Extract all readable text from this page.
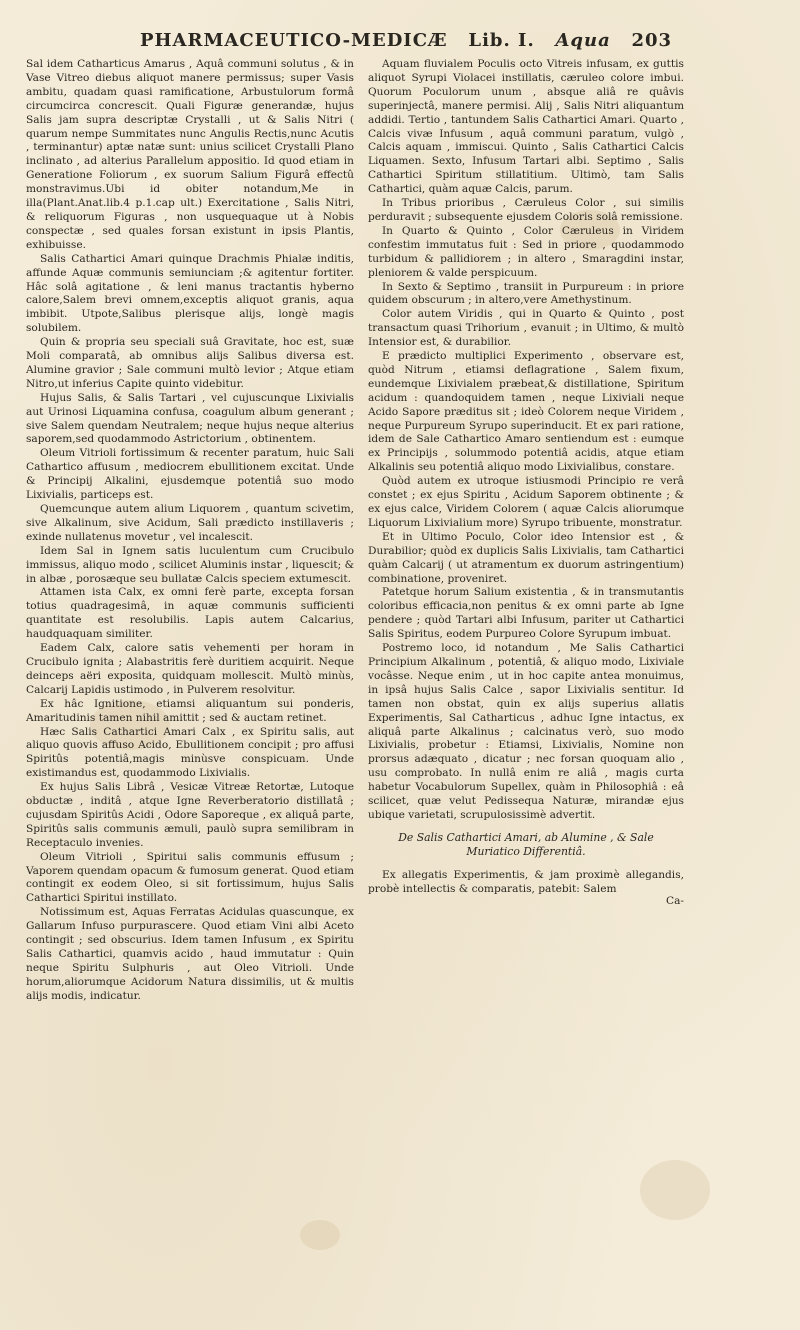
PHARMACEUTICO-MEDICÆ Lib. I. Aqua 203

Sal idem Catharticus Amarus , Aquâ communi solutus , & in Vase Vitreo diebus aliquot manere permissus; super Vasis ambitu, quadam quasi ramificatione, Arbustulorum formâ circumcirca concrescit. Quali Figuræ generandæ, hujus Salis jam supra descriptæ Crystalli , ut & Salis Nitri ( quarum nempe Summitates nunc Angulis Rectis,nunc Acutis , terminantur) aptæ natæ sunt: unius scilicet Crystalli Plano inclinato , ad alterius Parallelum appositio. Id quod etiam in Generatione Foliorum , ex suorum Salium Figurâ effectû monstravimus.Ubi id obiter notandum,Me in illa(Plant.Anat.lib.4 p.1.cap ult.) Exercitatione , Salis Nitri, & reliquorum Figuras , non usquequaque ut à Nobis conspectæ , sed quales forsan existunt in ipsis Plantis, exhibuisse.

Salis Cathartici Amari quinque Drachmis Phialæ inditis, affunde Aquæ communis semiunciam ;& agitentur fortiter. Hâc solâ agitatione , & leni manus tractantis hyberno calore,Salem brevi omnem,exceptis aliquot granis, aqua imbibit. Utpote,Salibus plerisque alijs, longè magis solubilem.

Quin & propria seu speciali suâ Gravitate, hoc est, suæ Moli comparatâ, ab omnibus alijs Salibus diversa est. Alumine gravior ; Sale communi multò levior ; Atque etiam Nitro,ut inferius Capite quinto videbitur.

Hujus Salis, & Salis Tartari , vel cujuscunque Lixivialis aut Urinosi Liquamina confusa, coagulum album generant ; sive Salem quendam Neutralem; neque hujus neque alterius saporem,sed quodammodo Astrictorium , obtinentem.

Oleum Vitrioli fortissimum & recenter paratum, huic Sali Cathartico affusum , mediocrem ebullitionem excitat. Unde & Principij Alkalini, ejusdemque potentiâ suo modo Lixivialis, particeps est.

Quemcunque autem alium Liquorem , quantum scivetim, sive Alkalinum, sive Acidum, Sali prædicto instillaveris ; exinde nullatenus movetur , vel incalescit.

Idem Sal in Ignem satis luculentum cum Crucibulo immissus, aliquo modo , scilicet Aluminis instar , liquescit; & in albæ , porosæque seu bullatæ Calcis speciem extumescit.

Attamen ista Calx, ex omni ferè parte, excepta forsan totius quadragesimâ, in aquæ communis sufficienti quantitate est resolubilis. Lapis autem Calcarius, haudquaquam similiter.

Eadem Calx, calore satis vehementi per horam in Crucibulo ignita ; Alabastritis ferè duritiem acquirit. Neque deinceps aëri exposita, quidquam mollescit. Multò minùs, Calcarij Lapidis ustimodo , in Pulverem resolvitur.

Ex hâc Ignitione, etiamsi aliquantum sui ponderis, Amaritudinis tamen nihil amittit ; sed & auctam retinet.

Hæc Salis Cathartici Amari Calx , ex Spiritu salis, aut aliquo quovis affuso Acido, Ebullitionem concipit ; pro affusi Spiritûs potentiâ,magis minùsve conspicuam. Unde existimandus est, quodammodo Lixivialis.

Ex hujus Salis Librâ , Vesicæ Vitreæ Retortæ, Lutoque obductæ , inditâ , atque Igne Reverberatorio distillatâ ; cujusdam Spiritûs Acidi , Odore Saporeque , ex aliquâ parte, Spiritûs salis communis æmuli, paulò supra semilibram in Receptaculo invenies.

Oleum Vitrioli , Spiritui salis communis effusum ; Vaporem quendam opacum & fumosum generat. Quod etiam contingit ex eodem Oleo, si sit fortissimum, hujus Salis Cathartici Spiritui instillato.

Notissimum est, Aquas Ferratas Acidulas quascunque, ex Gallarum Infuso purpurascere. Quod etiam Vini albi Aceto contingit ; sed obscurius. Idem tamen Infusum , ex Spiritu Salis Cathartici, quamvis acido , haud immutatur : Quin neque Spiritu Sulphuris , aut Oleo Vitrioli. Unde horum,aliorumque Acidorum Natura dissimilis, ut & multis alijs modis, indicatur.

Aquam fluvialem Poculis octo Vitreis infusam, ex guttis aliquot Syrupi Violacei instillatis, cæruleo colore imbui. Quorum Poculorum unum , absque aliâ re quâvis superinjectâ, manere permisi. Alij , Salis Nitri aliquantum addidi. Tertio , tantundem Salis Cathartici Amari. Quarto , Calcis vivæ Infusum , aquâ communi paratum, vulgò , Calcis aquam , immiscui. Quinto , Salis Cathartici Calcis Liquamen. Sexto, Infusum Tartari albi. Septimo , Salis Cathartici Spiritum stillatitium. Ultimò, tam Salis Cathartici, quàm aquæ Calcis, parum.

In Tribus prioribus , Cæruleus Color , sui similis perduravit ; subsequente ejusdem Coloris solâ remissione.

In Quarto & Quinto , Color Cæruleus in Viridem confestim immutatus fuit : Sed in priore , quodammodo turbidum & pallidiorem ; in altero , Smaragdini instar, pleniorem & valde perspicuum.

In Sexto & Septimo , transiit in Purpureum : in priore quidem obscurum ; in altero,vere Amethystinum.

Color autem Viridis , qui in Quarto & Quinto , post transactum quasi Trihorium , evanuit ; in Ultimo, & multò Intensior est, & durabilior.

E prædicto multiplici Experimento , observare est, quòd Nitrum , etiamsi deflagratione , Salem fixum, eundemque Lixivialem præbeat,& distillatione, Spiritum acidum : quandoquidem tamen , neque Lixiviali neque Acido Sapore præditus sit ; ideò Colorem neque Viridem , neque Purpureum Syrupo superinducit. Et ex pari ratione, idem de Sale Cathartico Amaro sentiendum est : eumque ex Principijs , solummodo potentiâ acidis, atque etiam Alkalinis seu potentiâ aliquo modo Lixivialibus, constare.

Quòd autem ex utroque istiusmodi Principio re verâ constet ; ex ejus Spiritu , Acidum Saporem obtinente ; & ex ejus calce, Viridem Colorem ( aquæ Calcis aliorumque Liquorum Lixivialium more) Syrupo tribuente, monstratur.

Et in Ultimo Poculo, Color ideo Intensior est , & Durabilior; quòd ex duplicis Salis Lixivialis, tam Cathartici quàm Calcarij ( ut atramentum ex duorum astringentium) combinatione, proveniret.

Patetque horum Salium existentia , & in transmutantis coloribus efficacia,non penitus & ex omni parte ab Igne pendere ; quòd Tartari albi Infusum, pariter ut Cathartici Salis Spiritus, eodem Purpureo Colore Syrupum imbuat.

Postremo loco, id notandum , Me Salis Cathartici Principium Alkalinum , potentiâ, & aliquo modo, Lixiviale vocâsse. Neque enim , ut in hoc capite antea monuimus, in ipsâ hujus Salis Calce , sapor Lixivialis sentitur. Id tamen non obstat, quin ex alijs superius allatis Experimentis, Sal Catharticus , adhuc Igne intactus, ex aliquâ parte Alkalinus ; calcinatus verò, suo modo Lixivialis, probetur : Etiamsi, Lixivialis, Nomine non prorsus adæquato , dicatur ; nec forsan quoquam alio , usu comprobato. In nullâ enim re aliâ , magis curta habetur Vocabulorum Supellex, quàm in Philosophiâ : eâ scilicet, quæ velut Pedissequa Naturæ, mirandæ ejus ubique varietati, scrupulosissimè advertit.

De Salis Cathartici Amari, ab Alumine , & Sale Muriatico Differentiâ.

Ex allegatis Experimentis, & jam proximè allegandis, probè intellectis & comparatis, patebit: Salem

Ca-
